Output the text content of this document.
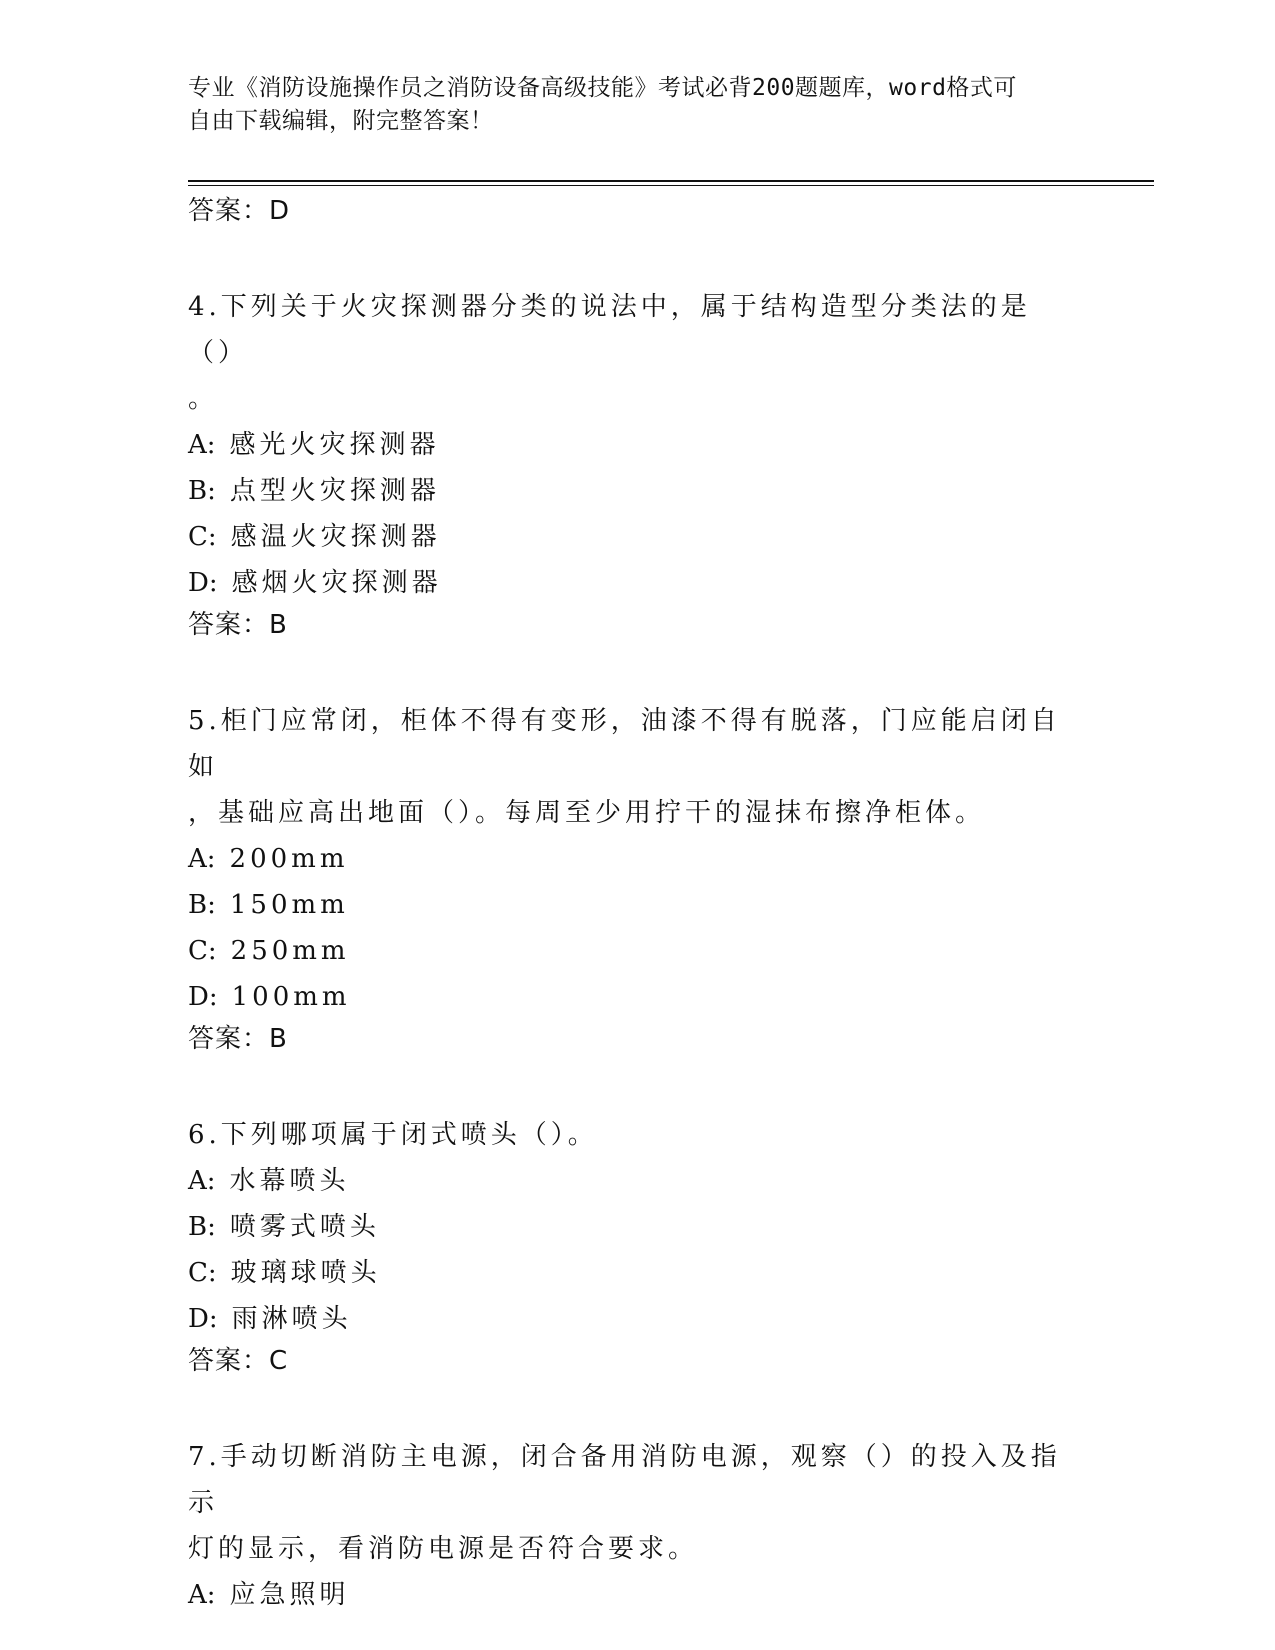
专业《消防设施操作员之消防设备高级技能》考试必背200题题库，word格式可
自由下载编辑，附完整答案！
答案：D
4.下列关于火灾探测器分类的说法中，属于结构造型分类法的是（）
。
A: 感光火灾探测器
B: 点型火灾探测器
C: 感温火灾探测器
D: 感烟火灾探测器
答案：B
5.柜门应常闭，柜体不得有变形，油漆不得有脱落，门应能启闭自如
，基础应高出地面（）。每周至少用拧干的湿抹布擦净柜体。
A: 200mm
B: 150mm
C: 250mm
D: 100mm
答案：B
6.下列哪项属于闭式喷头（）。
A: 水幕喷头
B: 喷雾式喷头
C: 玻璃球喷头
D: 雨淋喷头
答案：C
7.手动切断消防主电源，闭合备用消防电源，观察（）的投入及指示
灯的显示，看消防电源是否符合要求。
A: 应急照明
